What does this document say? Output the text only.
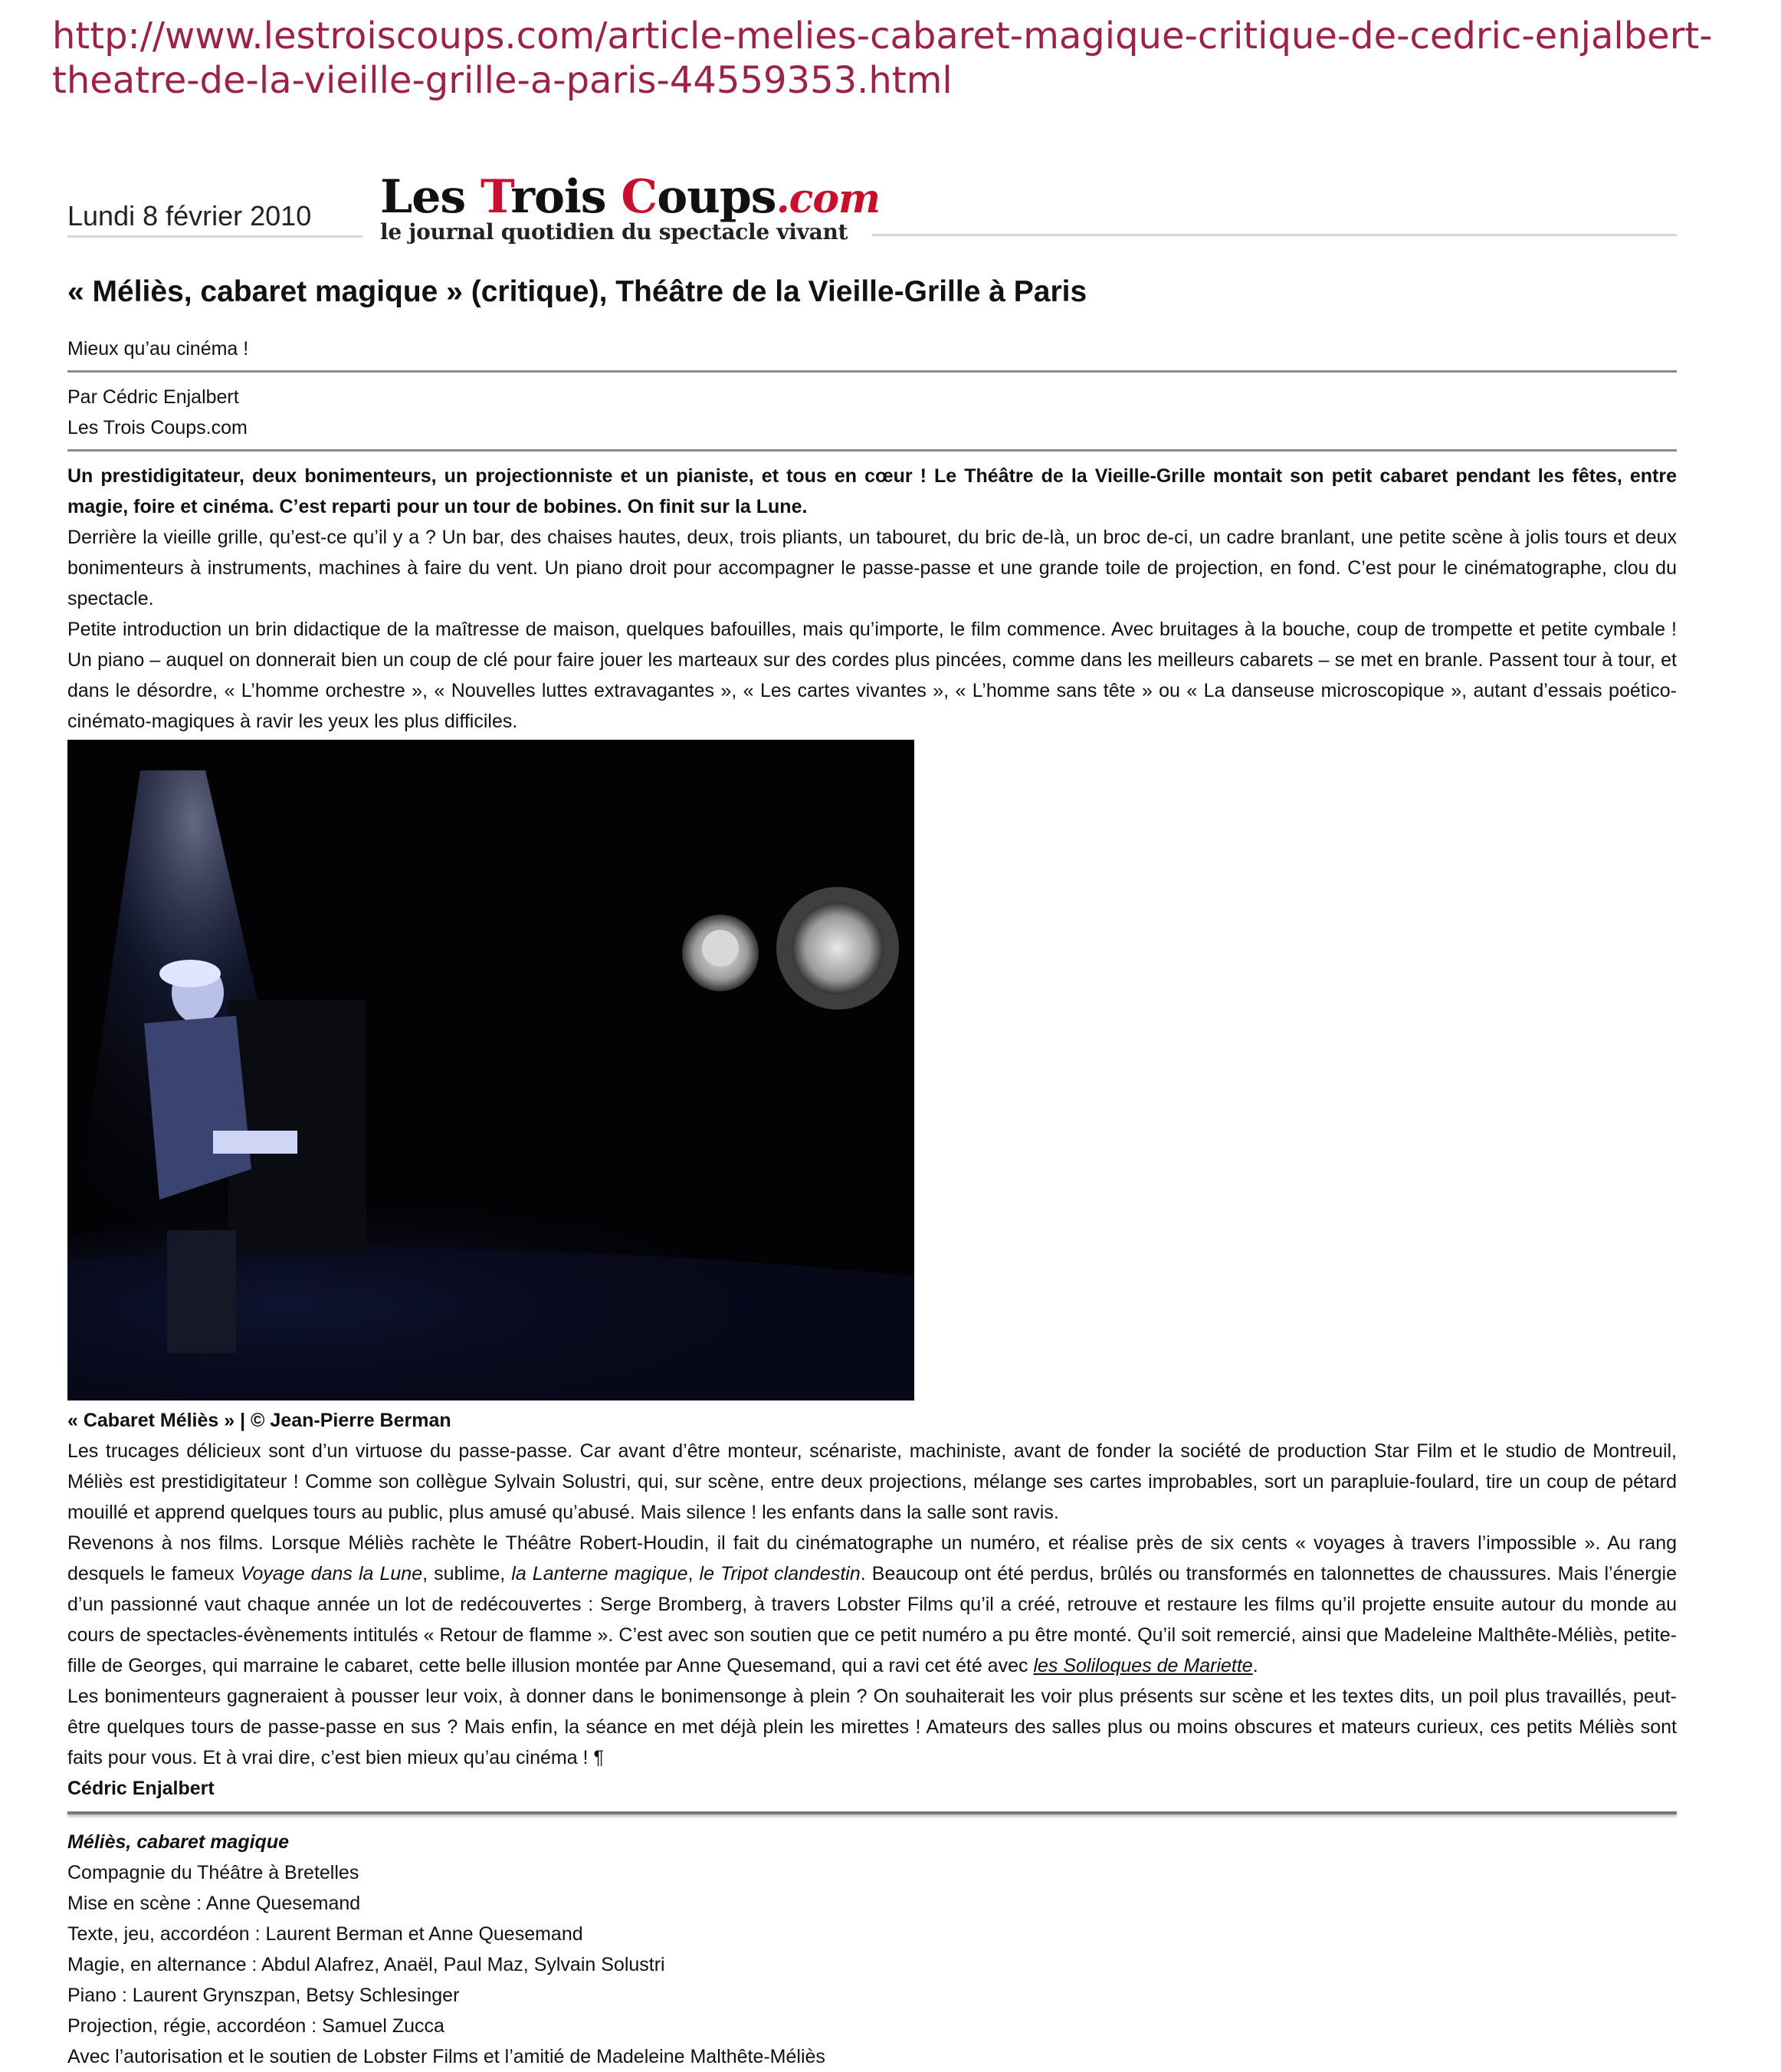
http://www.lestroiscoups.com/article-melies-cabaret-magique-critique-de-cedric-enjalbert-theatre-de-la-vieille-grille-a-paris-44559353.html
Lundi 8 février 2010 Les Trois Coups.com
le journal quotidien du spectacle vivant
« Méliès, cabaret magique » (critique), Théâtre de la Vieille-Grille à Paris

Mieux qu’au cinéma !

Par Cédric Enjalbert

Les Trois Coups.com

Un prestidigitateur, deux bonimenteurs, un projectionniste et un pianiste, et tous en cœur ! Le Théâtre de la Vieille-Grille montait son petit cabaret pendant les fêtes, entre magie, foire et cinéma. C’est reparti pour un tour de bobines. On finit sur la Lune.

Derrière la vieille grille, qu’est-ce qu’il y a ? Un bar, des chaises hautes, deux, trois pliants, un tabouret, du bric de-là, un broc de-ci, un cadre branlant, une petite scène à jolis tours et deux bonimenteurs à instruments, machines à faire du vent. Un piano droit pour accompagner le passe-passe et une grande toile de projection, en fond. C’est pour le cinématographe, clou du spectacle.

Petite introduction un brin didactique de la maîtresse de maison, quelques bafouilles, mais qu’importe, le film commence. Avec bruitages à la bouche, coup de trompette et petite cymbale ! Un piano – auquel on donnerait bien un coup de clé pour faire jouer les marteaux sur des cordes plus pincées, comme dans les meilleurs cabarets – se met en branle. Passent tour à tour, et dans le désordre, « L’homme orchestre », « Nouvelles luttes extravagantes », « Les cartes vivantes », « L’homme sans tête » ou « La danseuse microscopique », autant d’essais poético-cinémato-magiques à ravir les yeux les plus difficiles.

« Cabaret Méliès » | © Jean-Pierre Berman

Les trucages délicieux sont d’un virtuose du passe-passe. Car avant d’être monteur, scénariste, machiniste, avant de fonder la société de production Star Film et le studio de Montreuil, Méliès est prestidigitateur ! Comme son collègue Sylvain Solustri, qui, sur scène, entre deux projections, mélange ses cartes improbables, sort un parapluie-foulard, tire un coup de pétard mouillé et apprend quelques tours au public, plus amusé qu’abusé. Mais silence ! les enfants dans la salle sont ravis.

Revenons à nos films. Lorsque Méliès rachète le Théâtre Robert-Houdin, il fait du cinématographe un numéro, et réalise près de six cents « voyages à travers l’impossible ». Au rang desquels le fameux Voyage dans la Lune, sublime, la Lanterne magique, le Tripot clandestin. Beaucoup ont été perdus, brûlés ou transformés en talonnettes de chaussures. Mais l’énergie d’un passionné vaut chaque année un lot de redécouvertes : Serge Bromberg, à travers Lobster Films qu’il a créé, retrouve et restaure les films qu’il projette ensuite autour du monde au cours de spectacles-évènements intitulés « Retour de flamme ». C’est avec son soutien que ce petit numéro a pu être monté. Qu’il soit remercié, ainsi que Madeleine Malthête-Méliès, petite-fille de Georges, qui marraine le cabaret, cette belle illusion montée par Anne Quesemand, qui a ravi cet été avec les Soliloques de Mariette.

Les bonimenteurs gagneraient à pousser leur voix, à donner dans le bonimensonge à plein ? On souhaiterait les voir plus présents sur scène et les textes dits, un poil plus travaillés, peut-être quelques tours de passe-passe en sus ? Mais enfin, la séance en met déjà plein les mirettes ! Amateurs des salles plus ou moins obscures et mateurs curieux, ces petits Méliès sont faits pour vous. Et à vrai dire, c’est bien mieux qu’au cinéma ! ¶

Cédric Enjalbert

Méliès, cabaret magique

Compagnie du Théâtre à Bretelles

Mise en scène : Anne Quesemand

Texte, jeu, accordéon : Laurent Berman et Anne Quesemand

Magie, en alternance : Abdul Alafrez, Anaël, Paul Maz, Sylvain Solustri

Piano : Laurent Grynszpan, Betsy Schlesinger

Projection, régie, accordéon : Samuel Zucca

Avec l’autorisation et le soutien de Lobster Films et l’amitié de Madeleine Malthête-Méliès
